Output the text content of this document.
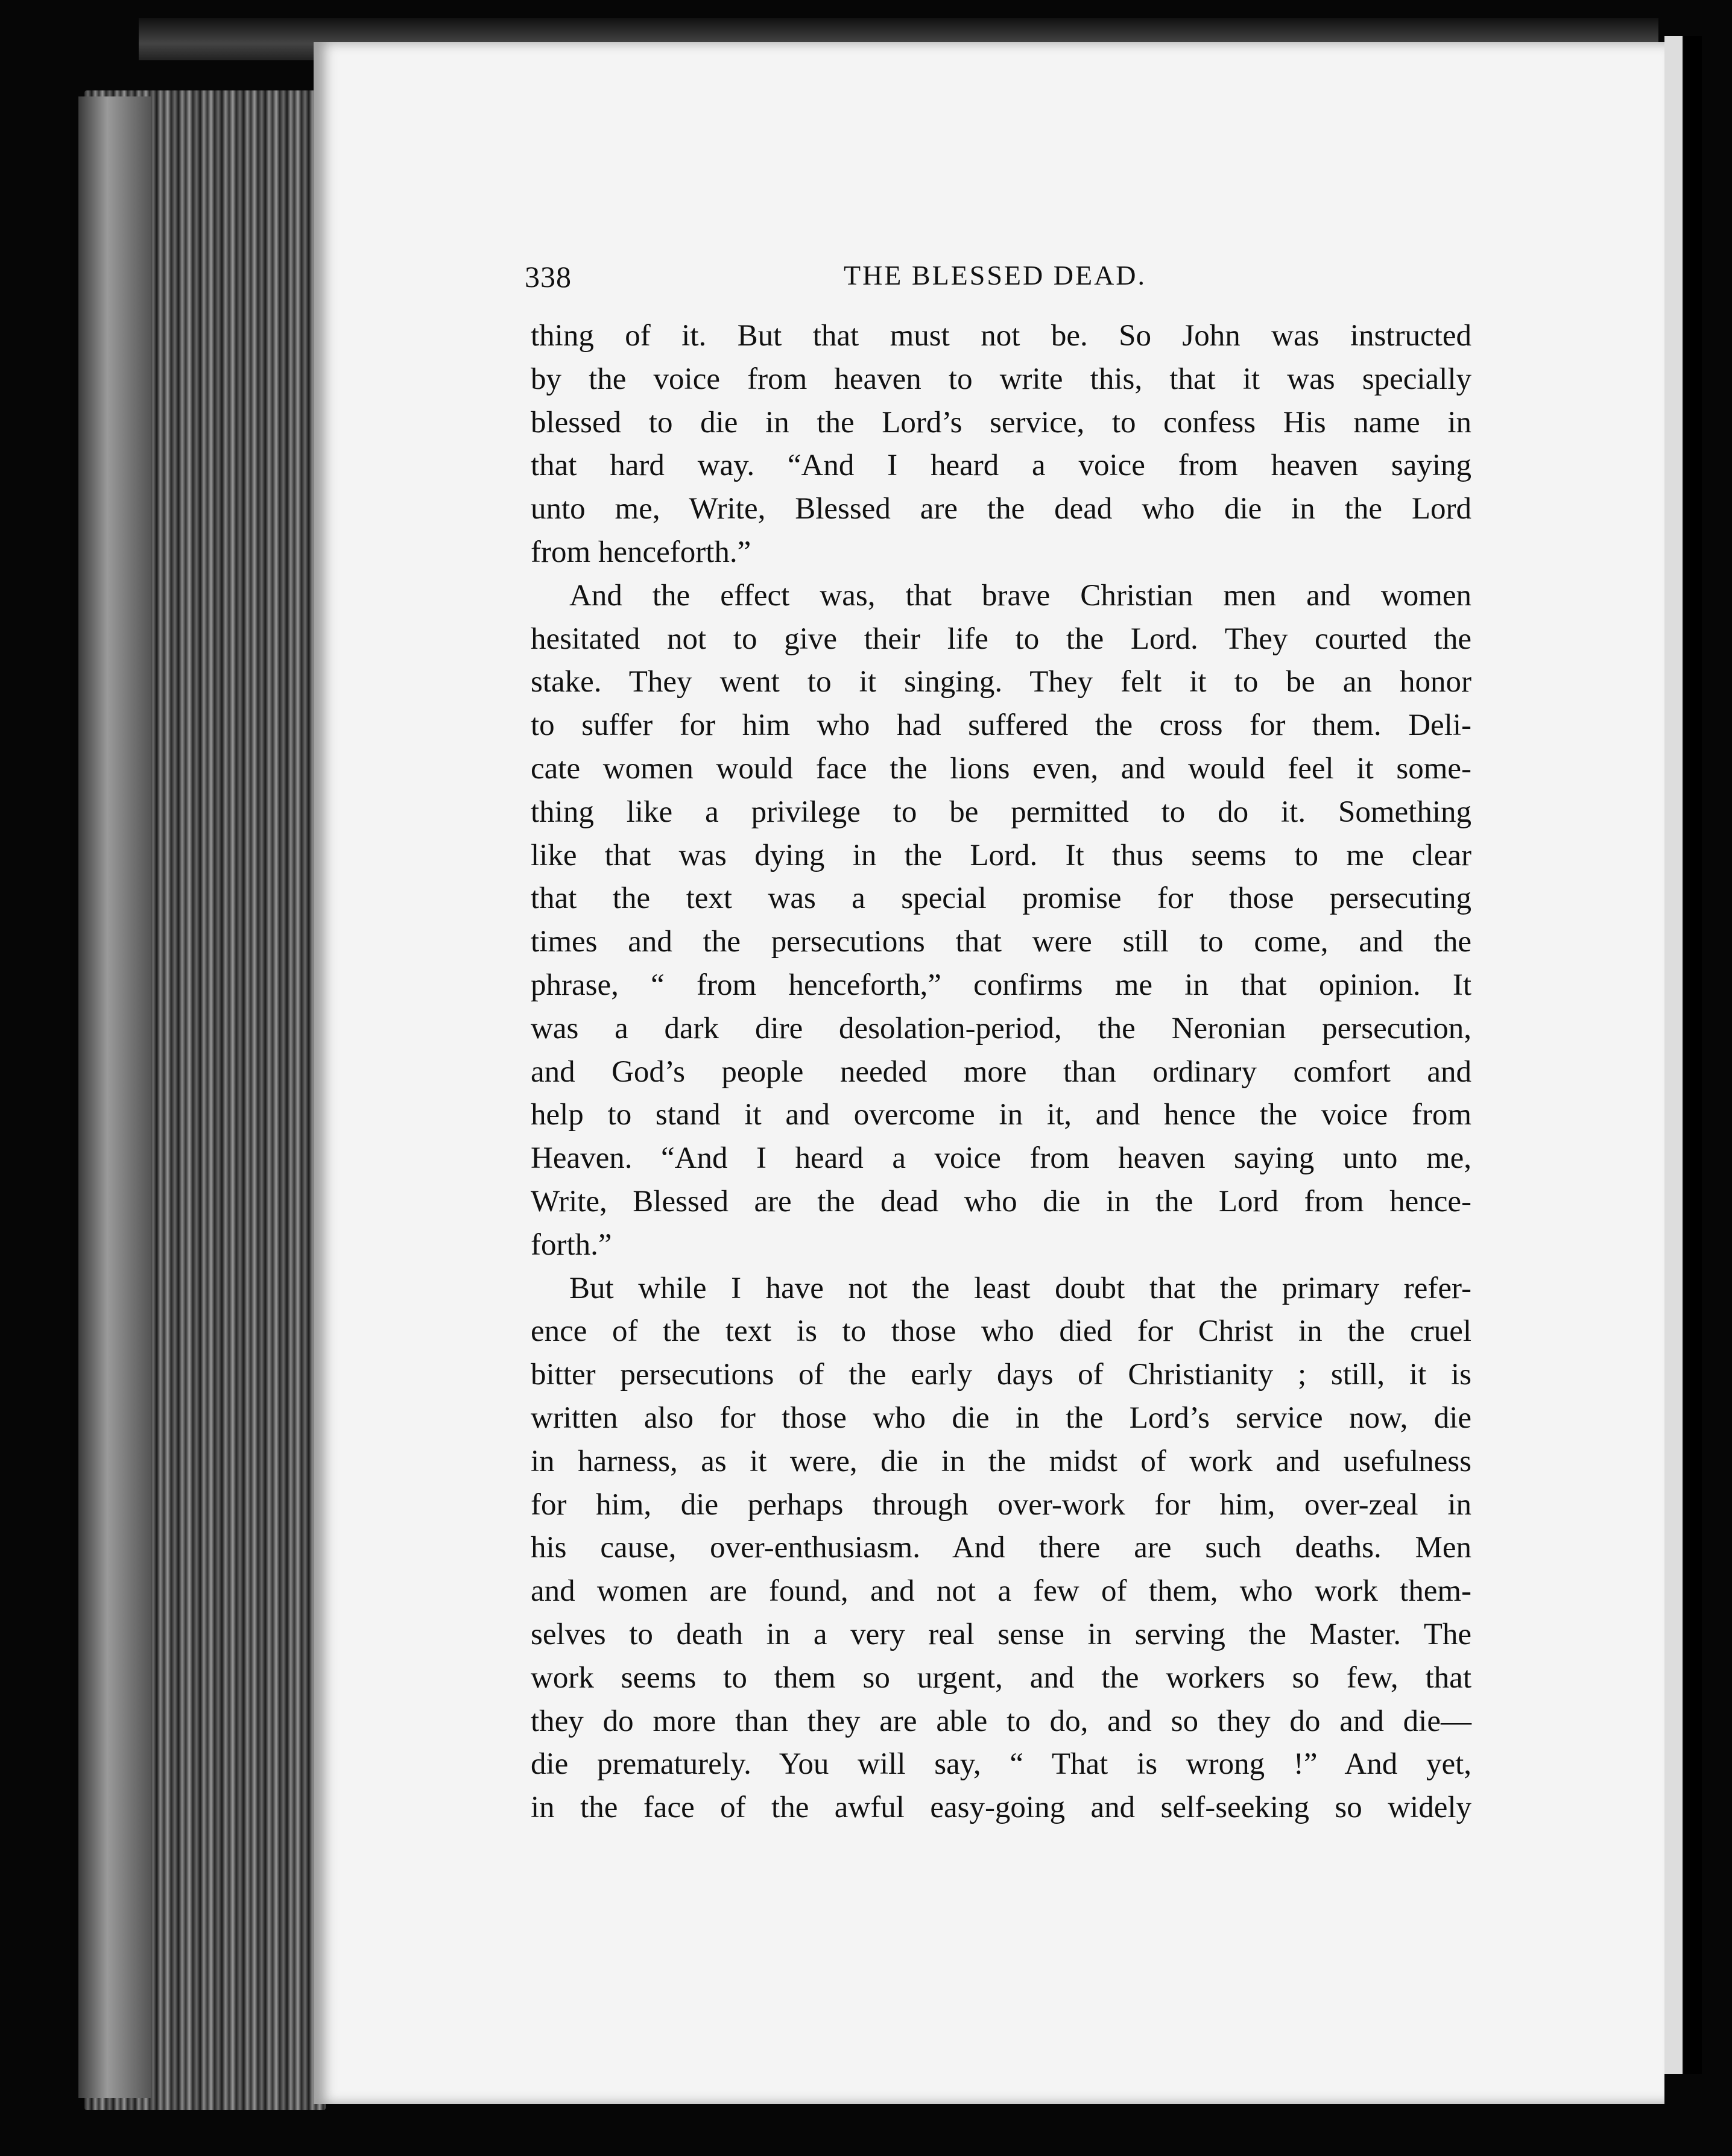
338	THE BLESSED DEAD.
thing of it. But that must not be. So John was instructed
by the voice from heaven to write this, that it was specially
blessed to die in the Lord’s service, to confess His name in
that hard way. “And I heard a voice from heaven saying
unto me, Write, Blessed are the dead who die in the Lord
from henceforth.”
And the effect was, that brave Christian men and women
hesitated not to give their life to the Lord. They courted the
stake. They went to it singing. They felt it to be an honor
to suffer for him who had suffered the cross for them. Deli-
cate women would face the lions even, and would feel it some-
thing like a privilege to be permitted to do it. Something
like that was dying in the Lord. It thus seems to me clear
that the text was a special promise for those persecuting
times and the persecutions that were still to come, and the
phrase, “ from henceforth,” confirms me in that opinion. It
was a dark dire desolation-period, the Neronian persecution,
and God’s people needed more than ordinary comfort and
help to stand it and overcome in it, and hence the voice from
Heaven. “And I heard a voice from heaven saying unto me,
Write, Blessed are the dead who die in the Lord from hence-
forth.”
But while I have not the least doubt that the primary refer-
ence of the text is to those who died for Christ in the cruel
bitter persecutions of the early days of Christianity ; still, it is
written also for those who die in the Lord’s service now, die
in harness, as it were, die in the midst of work and usefulness
for him, die perhaps through over-work for him, over-zeal in
his cause, over-enthusiasm. And there are such deaths. Men
and women are found, and not a few of them, who work them-
selves to death in a very real sense in serving the Master. The
work seems to them so urgent, and the workers so few, that
they do more than they are able to do, and so they do and die—
die prematurely. You will say, “ That is wrong !” And yet,
in the face of the awful easy-going and self-seeking so widely
